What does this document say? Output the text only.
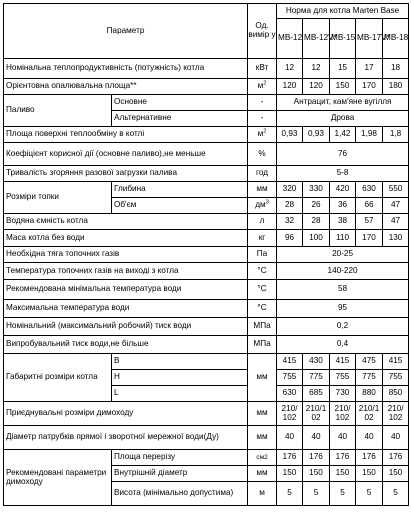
Параметр		Од. вимір у	Норма для котла Marten Base				
			МВ-12	МВ-12V*	МВ-15	МВ-17V*	МВ-18
Номінальна теплопродуктивність (потужність) котла		кВт	12	12	15	17	18
Орієнтовна опалювальна площа**		$м^2$	120	120	150	170	180
Паливо	Основне	-	Антрацит, кам'яне вугілля				
	Альтернативне	-	Дрова				
Площа поверхні теплообміну в котлі		$м^2$	0,93	0,93	1,42	1,98	1,8
Коефіцієнт корисної дії (основне паливо),не меньше		%	76				
Тривалість згоряння разової загрузки палива		год	5-8				
Розміри топки	Глибина	мм	320	330	420	630	550
	Об'єм	$дм^3$	28	26	36	66	47
Водяна ємність котла		л	32	28	38	57	47
Маса котла без води		кг	96	100	110	170	130
Необхідна тяга топочних газів		Па	20-25				
Температура топочних газів на виході з котла		°С	140-220				
Рекомендована мінімальна температура води		°С	58				
Максимальна температура води		°С	95				
Номінальний (максимальний робочий) тиск води		МПа	0,2				
Випробувальний тиск води,не більше		МПа	0,4				
Габаритні розміри котла	В	мм	415	430	415	475	415
	Н		755	775	755	775	755
	L		630	685	730	880	850
Приєднувальні розміри димоходу		мм	210/ 102	210/1 02	210/ 102	210/1 02	210/ 102
Діаметр патрубків прямої і зворотної мережної води(Ду)		мм	40	40	40	40	40
Рекомендовані параметри димоходу	Площа перерізу	см2	176	176	176	176	176
	Внутрішній діаметр	мм	150	150	150	150	150
	Висота (мінімально допустима)	м	5	5	5	5	5
